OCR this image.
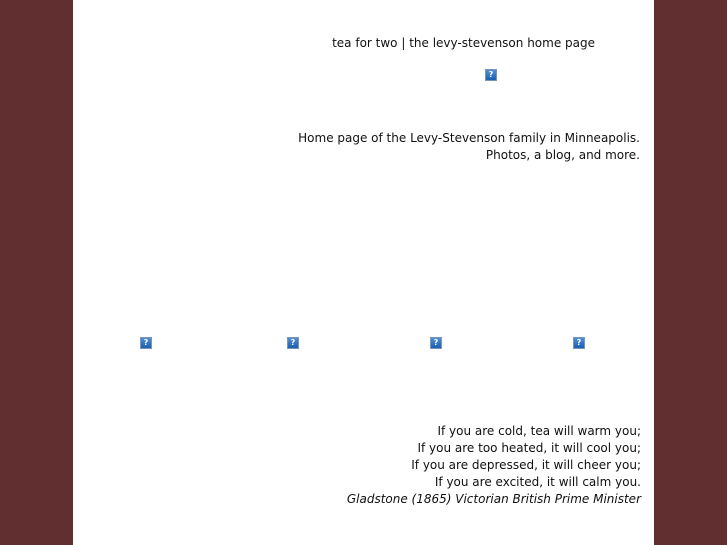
tea for two | the levy-stevenson home page
?
Home page of the Levy-Stevenson family in Minneapolis.
Photos, a blog, and more.
?	?	?	?
If you are cold, tea will warm you;
If you are too heated, it will cool you;
If you are depressed, it will cheer you;
If you are excited, it will calm you.
Gladstone (1865) Victorian British Prime Minister
